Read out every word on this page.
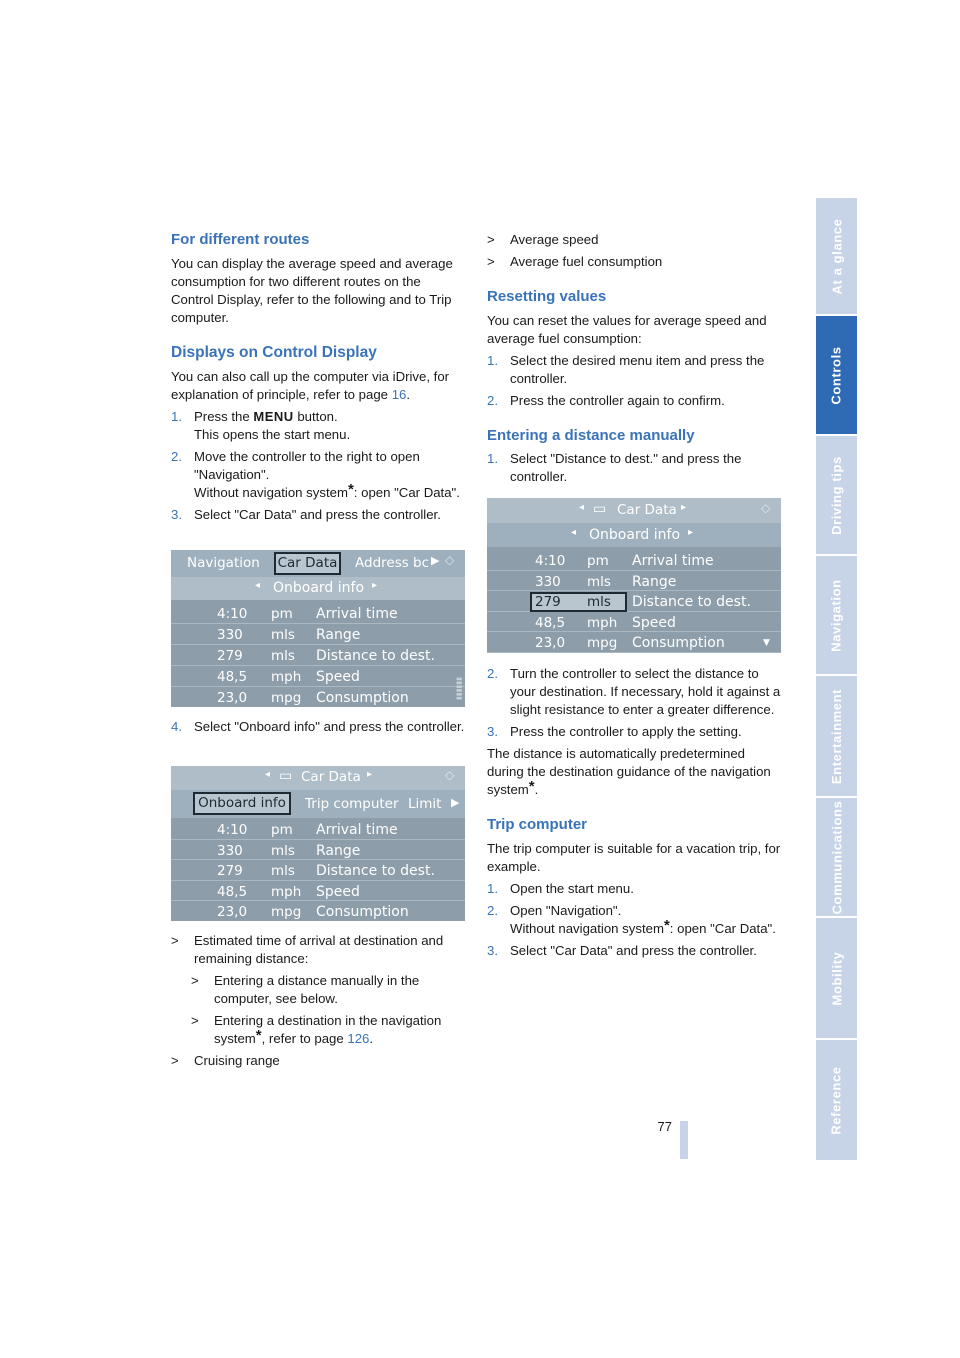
At a glance
Controls
Driving tips
Navigation
Entertainment
Communications
Mobility
Reference
For different routes

You can display the average speed and average consumption for two different routes on the Control Display, refer to the following and to Trip computer.

Displays on Control Display

You can also call up the computer via iDrive, for explanation of principle, refer to page 16.

1. Press the MENU button.
This opens the start menu.
2. Move the controller to the right to open "Navigation".
Without navigation system*: open "Car Data".
3. Select "Car Data" and press the controller.
4. Select "Onboard info" and press the controller.
> Estimated time of arrival at destination and remaining distance:
> Entering a distance manually in the computer, see below.
> Entering a destination in the navigation system*, refer to page 126.
> Cruising range
> Average speed
> Average fuel consumption
Resetting values

You can reset the values for average speed and average fuel consumption:

1. Select the desired menu item and press the controller.
2. Press the controller again to confirm.
Entering a distance manually
1. Select "Distance to dest." and press the controller.
2. Turn the controller to select the distance to your destination. If necessary, hold it against a slight resistance to enter a greater difference.
3. Press the controller to apply the setting.

The distance is automatically predetermined during the destination guidance of the navigation system*.

Trip computer

The trip computer is suitable for a vacation trip, for example.

1. Open the start menu.
2. Open "Navigation".
Without navigation system*: open "Car Data".
3. Select "Car Data" and press the controller.
Navigation Car Data Address bc ▶ ◇
◂ Onboard info ▸
4:10 pm Arrival time
330 mls Range
279 mls Distance to dest.
48,5 mph Speed
23,0 mpg Consumption	▮▮▮▮▮▮
◂ ▭ Car Data ▸	◇
Onboard info	Trip computer Limit ▶
4:10 pm Arrival time
330 mls Range
279 mls Distance to dest.
48,5 mph Speed
23,0 mpg Consumption
◂ ▭ Car Data ▸	◇
◂ Onboard info ▸
4:10 pm Arrival time
330 mls Range
279 mls Distance to dest.
48,5 mph Speed
23,0 mpg Consumption	▼
77
